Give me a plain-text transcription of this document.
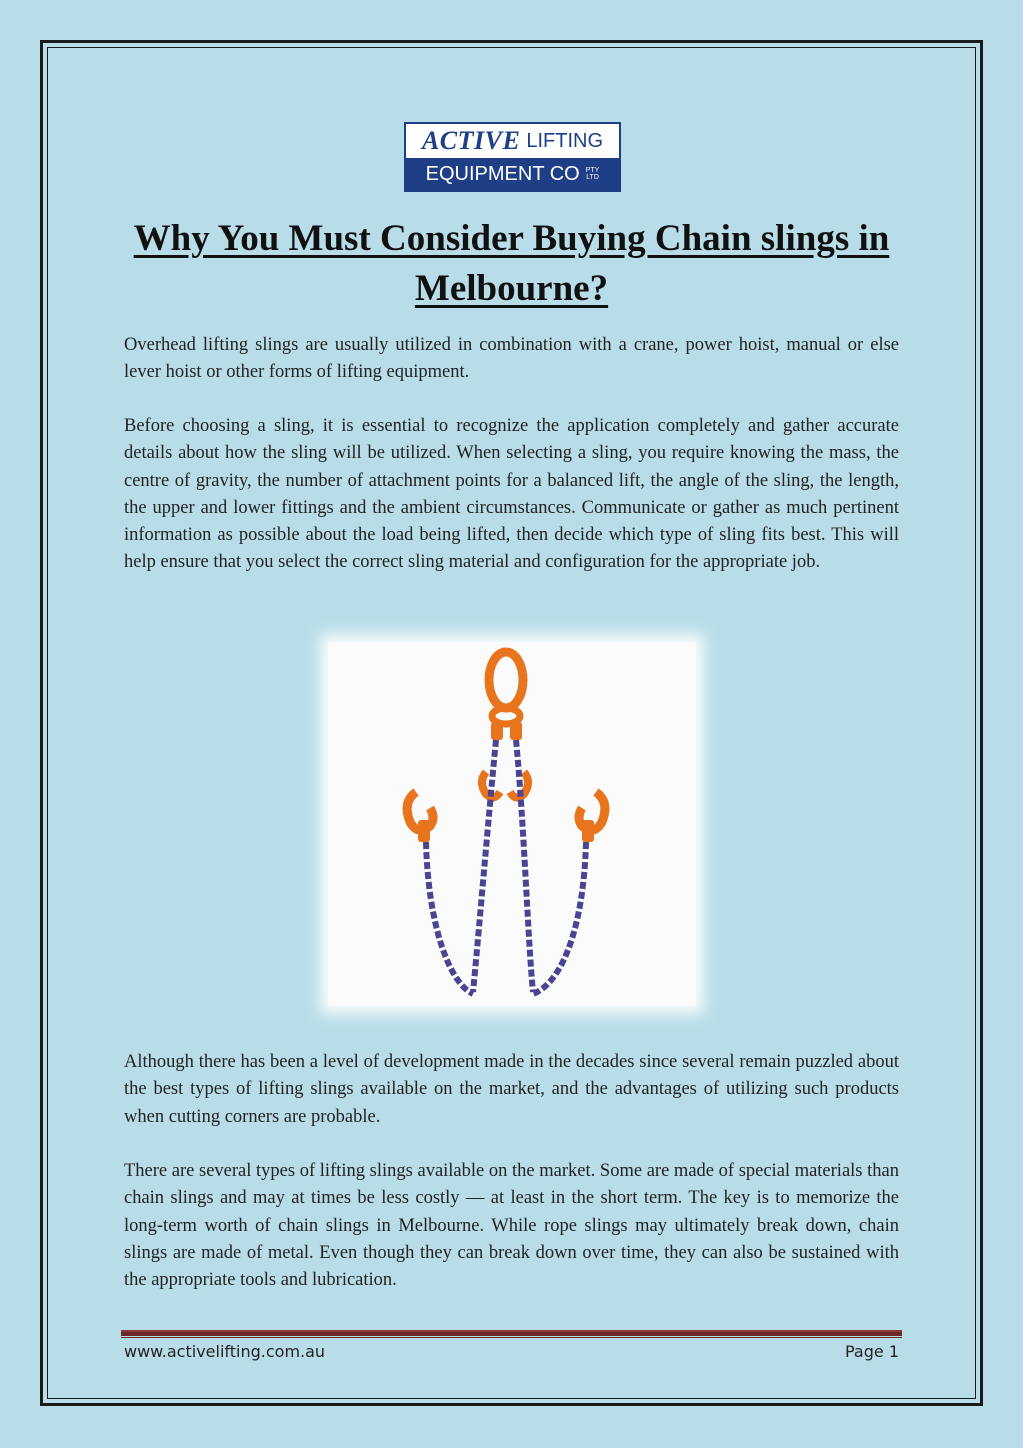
ACTIVE LIFTING
EQUIPMENT CO PTY
LTD
Why You Must Consider Buying Chain slings in Melbourne?

Overhead lifting slings are usually utilized in combination with a crane, power hoist, manual or else lever hoist or other forms of lifting equipment.

Before choosing a sling, it is essential to recognize the application completely and gather accurate details about how the sling will be utilized. When selecting a sling, you require knowing the mass, the centre of gravity, the number of attachment points for a balanced lift, the angle of the sling, the length, the upper and lower fittings and the ambient circumstances. Communicate or gather as much pertinent information as possible about the load being lifted, then decide which type of sling fits best. This will help ensure that you select the correct sling material and configuration for the appropriate job.

Although there has been a level of development made in the decades since several remain puzzled about the best types of lifting slings available on the market, and the advantages of utilizing such products when cutting corners are probable.

There are several types of lifting slings available on the market. Some are made of special materials than chain slings and may at times be less costly — at least in the short term. The key is to memorize the long-term worth of chain slings in Melbourne. While rope slings may ultimately break down, chain slings are made of metal. Even though they can break down over time, they can also be sustained with the appropriate tools and lubrication.

www.activelifting.com.au	Page 1
